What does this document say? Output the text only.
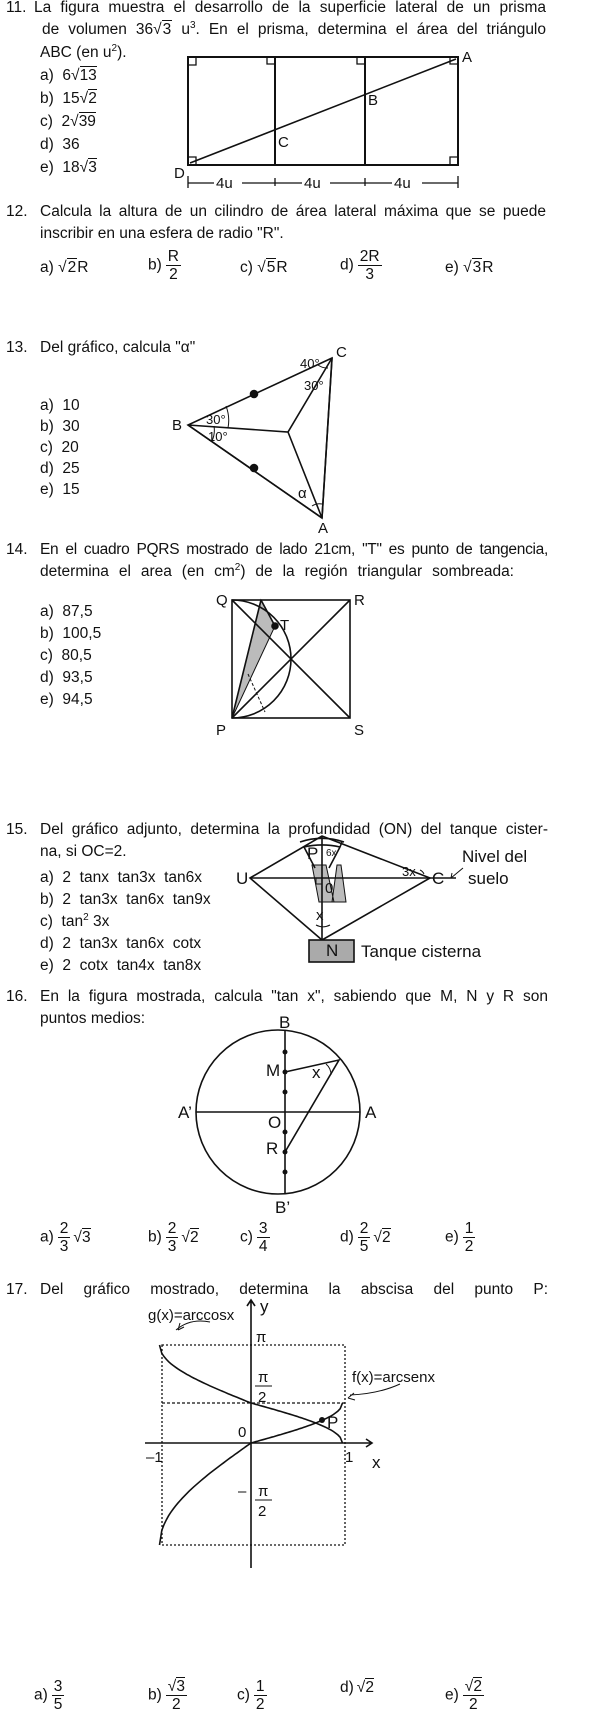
11. La figura muestra el desarrollo de la superficie lateral de un prisma
de volumen 36√3 $u^3$. En el prisma, determina el área del triángulo
ABC (en $u^2$).
a) 6√13
b) 15√2
c) 2√39
d) 36
e) 18√3
12. Calcula la altura de un cilindro de área lateral máxima que se puede
inscribir en una esfera de radio "R".
a) √2R	$b) \frac{R}{2}$	c) √5R	$d) \frac{2R}{3}$	e) √3R
13. Del gráfico, calcula "α"
a) 10
b) 30
c) 20
d) 25
e) 15
14. En el cuadro PQRS mostrado de lado 21cm, "T" es punto de tangencia,
determina el area (en $cm^2$) de la región triangular sombreada:
a) 87,5
b) 100,5
c) 80,5
d) 93,5
e) 94,5
15. Del gráfico adjunto, determina la profundidad (ON) del tanque cister-
na, si OC=2.
a) 2  tanx  tan3x  tan6x
b) 2  tan3x  tan6x  tan9x
c) $\tan^2 3x$
d) 2  tan3x  tan6x  cotx
e) 2  cotx  tan4x  tan8x
16. En la figura mostrada, calcula "tan x", sabiendo que M, N y R son
puntos medios:
$a) \frac{2}{3} √3$	$b) \frac{2}{3} √2$	$c) \frac{3}{4}$	$d) \frac{2}{5} √2$	$e) \frac{1}{2}$
17. Del gráfico mostrado, determina la abscisa del punto P:
$a) \frac{3}{5}$	$b) \frac{√3}{2}$	$c) \frac{1}{2}$	d) √2	$e) \frac{√2}{2}$
A
B
C
D
4u	4u	4u
C
B
A
40°
30°
30°
10°
α
Q	R
P	S
T
P
U	C
0
N
x
3x
6x	Nivel del
suelo
Tanque cisterna
B
B’
A
A’
M
O
R
x
g(x)=arccosx
f(x)=arcsenx
y
x
π
π
2
– π
2
0
–1	1
P
